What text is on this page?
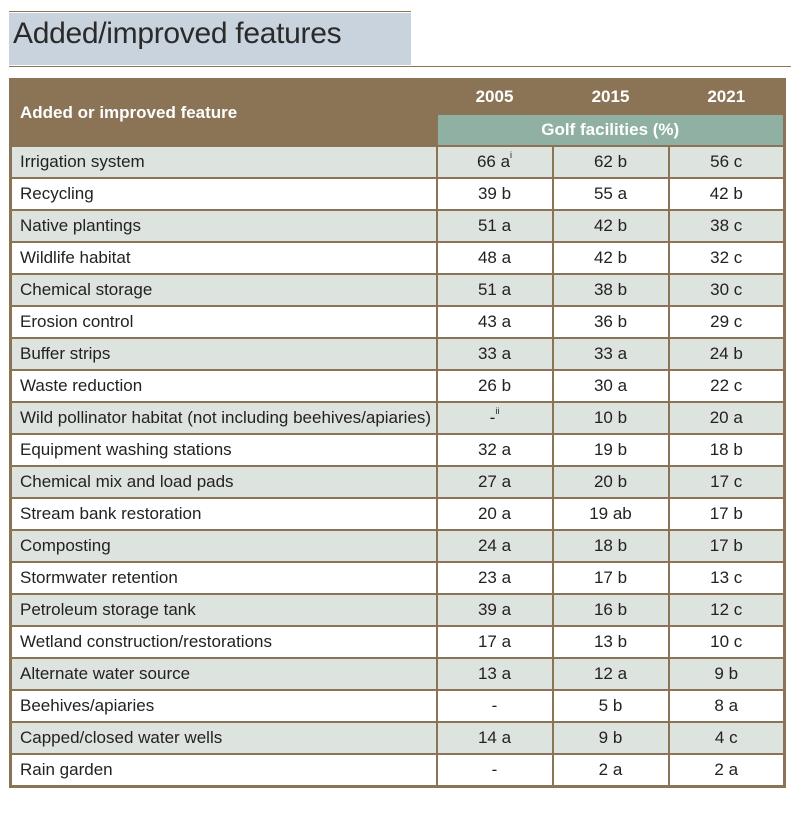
Added/improved features
Added or improved feature	2005	2015	2021
	Golf facilities (%)		
Irrigation system	66 $a^i$	62 b	56 c
Recycling	39 b	55 a	42 b
Native plantings	51 a	42 b	38 c
Wildlife habitat	48 a	42 b	32 c
Chemical storage	51 a	38 b	30 c
Erosion control	43 a	36 b	29 c
Buffer strips	33 a	33 a	24 b
Waste reduction	26 b	30 a	22 c
Wild pollinator habitat (not including beehives/apiaries)	-$^{ii}$	10 b	20 a
Equipment washing stations	32 a	19 b	18 b
Chemical mix and load pads	27 a	20 b	17 c
Stream bank restoration	20 a	19 ab	17 b
Composting	24 a	18 b	17 b
Stormwater retention	23 a	17 b	13 c
Petroleum storage tank	39 a	16 b	12 c
Wetland construction/restorations	17 a	13 b	10 c
Alternate water source	13 a	12 a	9 b
Beehives/apiaries	-	5 b	8 a
Capped/closed water wells	14 a	9 b	4 c
Rain garden	-	2 a	2 a
